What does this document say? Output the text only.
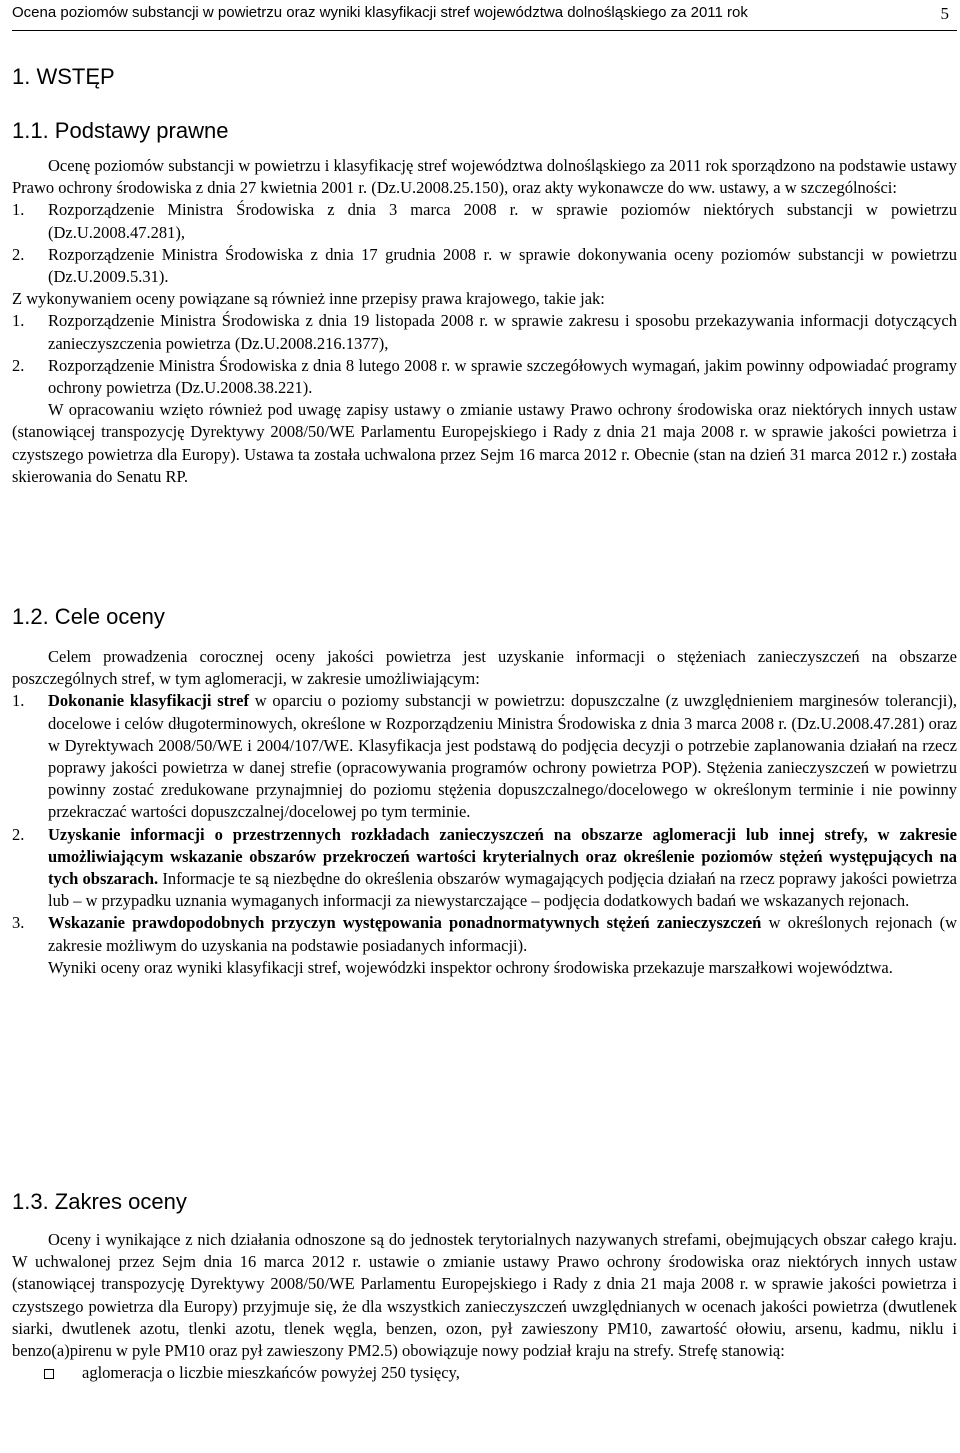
Ocena poziomów substancji w powietrzu oraz wyniki klasyfikacji stref województwa dolnośląskiego za 2011 rok	5
1. WSTĘP
1.1. Podstawy prawne

Ocenę poziomów substancji w powietrzu i klasyfikację stref województwa dolnośląskiego za 2011 rok sporządzono na podstawie ustawy Prawo ochrony środowiska z dnia 27 kwietnia 2001 r. (Dz.U.2008.25.150), oraz akty wykonawcze do ww. ustawy, a w szczególności:

1. Rozporządzenie Ministra Środowiska z dnia 3 marca 2008 r. w sprawie poziomów niektórych substancji w powietrzu (Dz.U.2008.47.281),

2. Rozporządzenie Ministra Środowiska z dnia 17 grudnia 2008 r. w sprawie dokonywania oceny poziomów substancji w powietrzu (Dz.U.2009.5.31).

Z wykonywaniem oceny powiązane są również inne przepisy prawa krajowego, takie jak:

1. Rozporządzenie Ministra Środowiska z dnia 19 listopada 2008 r. w sprawie zakresu i sposobu przekazywania informacji dotyczących zanieczyszczenia powietrza (Dz.U.2008.216.1377),

2. Rozporządzenie Ministra Środowiska z dnia 8 lutego 2008 r. w sprawie szczegółowych wymagań, jakim powinny odpowiadać programy ochrony powietrza (Dz.U.2008.38.221).

W opracowaniu wzięto również pod uwagę zapisy ustawy o zmianie ustawy Prawo ochrony środowiska oraz niektórych innych ustaw (stanowiącej transpozycję Dyrektywy 2008/50/WE Parlamentu Europejskiego i Rady z dnia 21 maja 2008 r. w sprawie jakości powietrza i czystszego powietrza dla Europy). Ustawa ta została uchwalona przez Sejm 16 marca 2012 r. Obecnie (stan na dzień 31 marca 2012 r.) została skierowania do Senatu RP.

1.2. Cele oceny

Celem prowadzenia corocznej oceny jakości powietrza jest uzyskanie informacji o stężeniach zanieczyszczeń na obszarze poszczególnych stref, w tym aglomeracji, w zakresie umożliwiającym:

1. Dokonanie klasyfikacji stref w oparciu o poziomy substancji w powietrzu: dopuszczalne (z uwzględnieniem marginesów tolerancji), docelowe i celów długoterminowych, określone w Rozporządzeniu Ministra Środowiska z dnia 3 marca 2008 r. (Dz.U.2008.47.281) oraz w Dyrektywach 2008/50/WE i 2004/107/WE. Klasyfikacja jest podstawą do podjęcia decyzji o potrzebie zaplanowania działań na rzecz poprawy jakości powietrza w danej strefie (opracowywania programów ochrony powietrza POP). Stężenia zanieczyszczeń w powietrzu powinny zostać zredukowane przynajmniej do poziomu stężenia dopuszczalnego/docelowego w określonym terminie i nie powinny przekraczać wartości dopuszczalnej/docelowej po tym terminie.

2. Uzyskanie informacji o przestrzennych rozkładach zanieczyszczeń na obszarze aglomeracji lub innej strefy, w zakresie umożliwiającym wskazanie obszarów przekroczeń wartości kryterialnych oraz określenie poziomów stężeń występujących na tych obszarach. Informacje te są niezbędne do określenia obszarów wymagających podjęcia działań na rzecz poprawy jakości powietrza lub – w przypadku uznania wymaganych informacji za niewystarczające – podjęcia dodatkowych badań we wskazanych rejonach.

3. Wskazanie prawdopodobnych przyczyn występowania ponadnormatywnych stężeń zanieczyszczeń w określonych rejonach (w zakresie możliwym do uzyskania na podstawie posiadanych informacji).

Wyniki oceny oraz wyniki klasyfikacji stref, wojewódzki inspektor ochrony środowiska przekazuje marszałkowi województwa.

1.3. Zakres oceny

Oceny i wynikające z nich działania odnoszone są do jednostek terytorialnych nazywanych strefami, obejmujących obszar całego kraju. W uchwalonej przez Sejm dnia 16 marca 2012 r. ustawie o zmianie ustawy Prawo ochrony środowiska oraz niektórych innych ustaw (stanowiącej transpozycję Dyrektywy 2008/50/WE Parlamentu Europejskiego i Rady z dnia 21 maja 2008 r. w sprawie jakości powietrza i czystszego powietrza dla Europy) przyjmuje się, że dla wszystkich zanieczyszczeń uwzględnianych w ocenach jakości powietrza (dwutlenek siarki, dwutlenek azotu, tlenki azotu, tlenek węgla, benzen, ozon, pył zawieszony PM10, zawartość ołowiu, arsenu, kadmu, niklu i benzo(a)pirenu w pyle PM10 oraz pył zawieszony PM2.5) obowiązuje nowy podział kraju na strefy. Strefę stanowią:

aglomeracja o liczbie mieszkańców powyżej 250 tysięcy,
